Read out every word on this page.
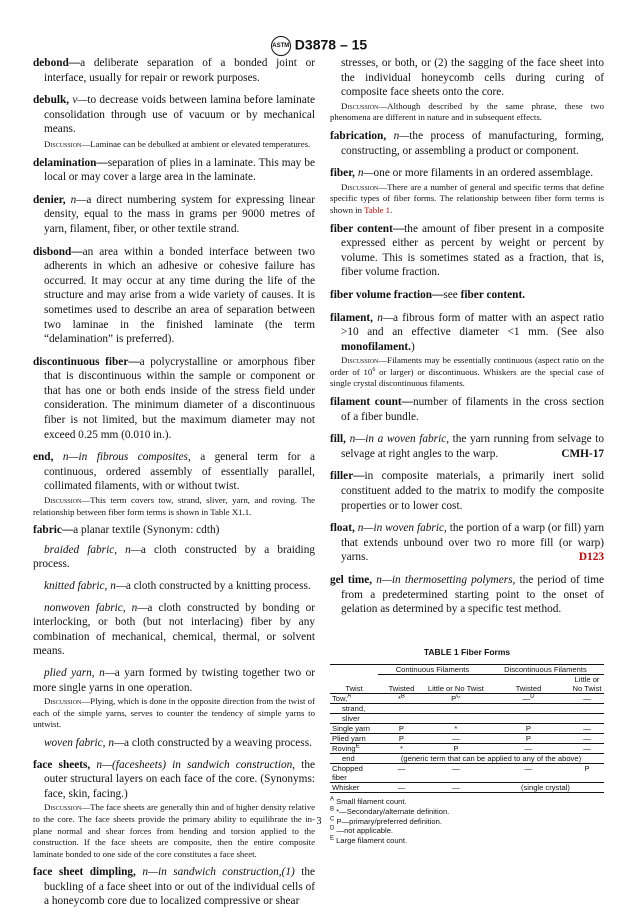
ASTM D3878 – 15

debond—a deliberate separation of a bonded joint or interface, usually for repair or rework purposes.

debulk, v—to decrease voids between lamina before laminate consolidation through use of vacuum or by mechanical means.

Discussion—Laminae can be debulked at ambient or elevated temperatures.

delamination—separation of plies in a laminate. This may be local or may cover a large area in the laminate.

denier, n—a direct numbering system for expressing linear density, equal to the mass in grams per 9000 metres of yarn, filament, fiber, or other textile strand.

disbond—an area within a bonded interface between two adherents in which an adhesive or cohesive failure has occurred. It may occur at any time during the life of the structure and may arise from a wide variety of causes. It is sometimes used to describe an area of separation between two laminae in the finished laminate (the term “delamination” is preferred).

discontinuous fiber—a polycrystalline or amorphous fiber that is discontinuous within the sample or component or that has one or both ends inside of the stress field under consideration. The minimum diameter of a discontinuous fiber is not limited, but the maximum diameter may not exceed 0.25 mm (0.010 in.).

end, n—in fibrous composites, a general term for a continuous, ordered assembly of essentially parallel, collimated filaments, with or without twist.

Discussion—This term covers tow, strand, sliver, yarn, and roving. The relationship between fiber form terms is shown in Table X1.1.

fabric—a planar textile (Synonym: cdth)

braided fabric, n—a cloth constructed by a braiding process.

knitted fabric, n—a cloth constructed by a knitting process.

nonwoven fabric, n—a cloth constructed by bonding or interlocking, or both (but not interlacing) fiber by any combination of mechanical, chemical, thermal, or solvent means.

plied yarn, n—a yarn formed by twisting together two or more single yarns in one operation.

Discussion—Plying, which is done in the opposite direction from the twist of each of the simple yarns, serves to counter the tendency of simple yarns to untwist.

woven fabric, n—a cloth constructed by a weaving process.

face sheets, n—(facesheets) in sandwich construction, the outer structural layers on each face of the core. (Synonyms: face, skin, facing.)

Discussion—The face sheets are generally thin and of higher density relative to the core. The face sheets provide the primary ability to equilibrate the in-plane normal and shear forces from bending and torsion applied to the construction. If the face sheets are composite, then the entire composite laminate bonded to one side of the core constitutes a face sheet.

face sheet dimpling, n—in sandwich construction,(1) the buckling of a face sheet into or out of the individual cells of a honeycomb core due to localized compressive or shear

stresses, or both, or (2) the sagging of the face sheet into the individual honeycomb cells during curing of composite face sheets onto the core.

Discussion—Although described by the same phrase, these two phenomena are different in nature and in subsequent effects.

fabrication, n—the process of manufacturing, forming, constructing, or assembling a product or component.

fiber, n—one or more filaments in an ordered assemblage.

Discussion—There are a number of general and specific terms that define specific types of fiber forms. The relationship between fiber form terms is shown in Table 1.

fiber content—the amount of fiber present in a composite expressed either as percent by weight or percent by volume. This is sometimes stated as a fraction, that is, fiber volume fraction.

fiber volume fraction—see fiber content.

filament, n—a fibrous form of matter with an aspect ratio >10 and an effective diameter <1 mm. (See also monofilament.)

Discussion—Filaments may be essentially continuous (aspect ratio on the order of $10^6$ or larger) or discontinuous. Whiskers are the special case of single crystal discontinuous filaments.

filament count—number of filaments in the cross section of a fiber bundle.

fill, n—in a woven fabric, the yarn running from selvage to selvage at right angles to the warp.	CMH-17

filler—in composite materials, a primarily inert solid constituent added to the matrix to modify the composite properties or to lower cost.

float, n—in woven fabric, the portion of a warp (or fill) yarn that extends unbound over two ro more fill (or warp) yarns.	D123

gel time, n—in thermosetting polymers, the period of time from a predetermined starting point to the onset of gelation as determined by a specific test method.

TABLE 1 Fiber Forms
	Continuous Filaments		Discontinuous Filaments	
Twist	Twisted	Little or No Twist	Twisted	Little or No Twist
Tow,$^A$	*$^B$	$P^C$	—$^D$	—
strand,				
sliver				
Single yarn	P	*	P	—
Plied yarn	P	—	P	—
Roving$^E$	*	P	—	—
end	(generic term that can be applied to any of the above)			
Chopped fiber	—	—	—	P
Whisker	—	—	(single crystal)	
$^A$ Small filament count.
$^B$ *—Secondary/alternate definition.
$^C$ P—primary/preferred definition.
$^D$ —not applicable.
$^E$ Large filament count.
3
